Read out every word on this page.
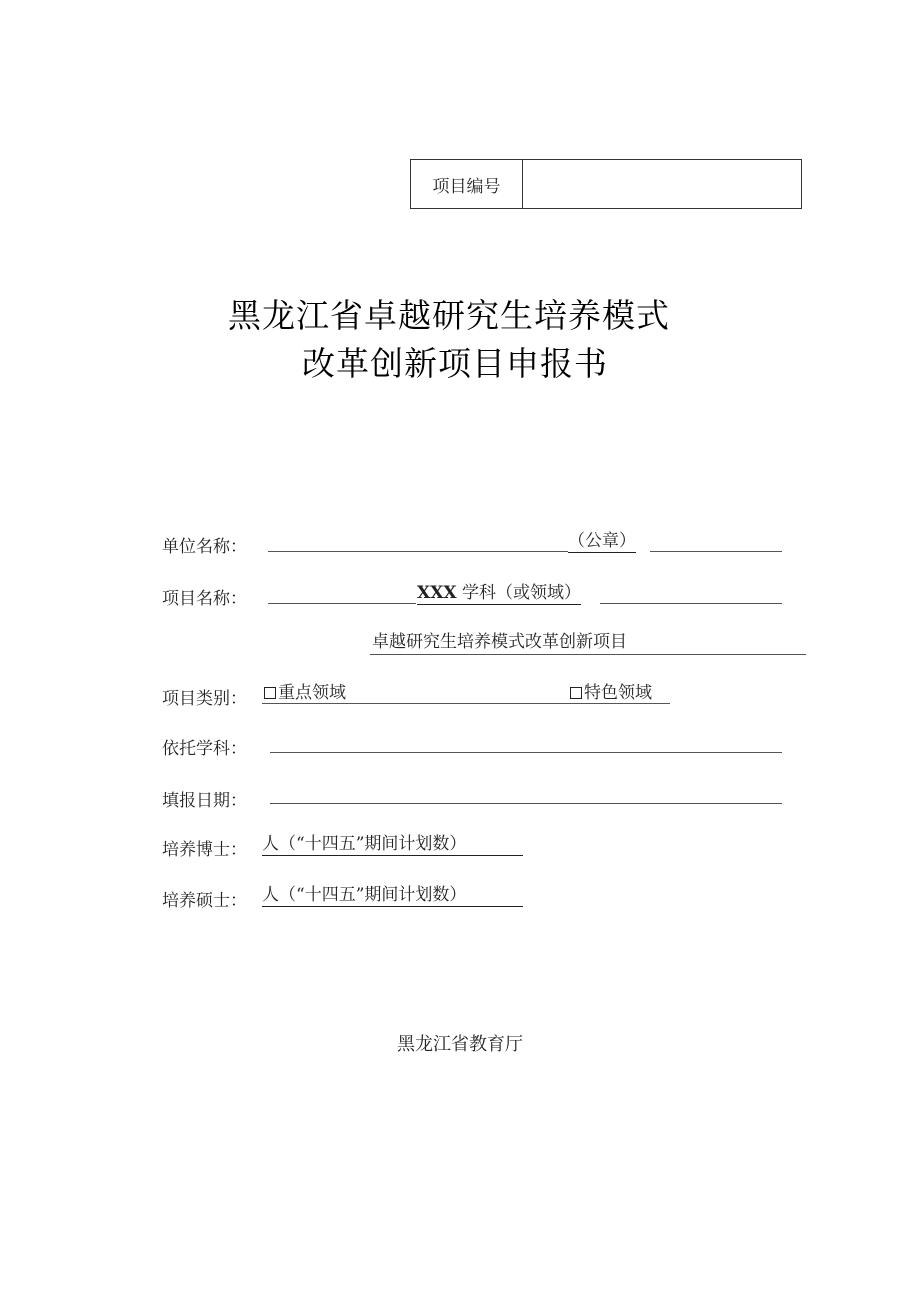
项目编号
黑龙江省卓越研究生培养模式
改革创新项目申报书
单位名称：	（公章）
项目名称：	XXX 学科（或领域）
卓越研究生培养模式改革创新项目
项目类别：	重点领域	特色领域
依托学科：
填报日期：
培养博士： 人（“十四五”期间计划数）
培养硕士： 人（“十四五”期间计划数）
黑龙江省教育厅
